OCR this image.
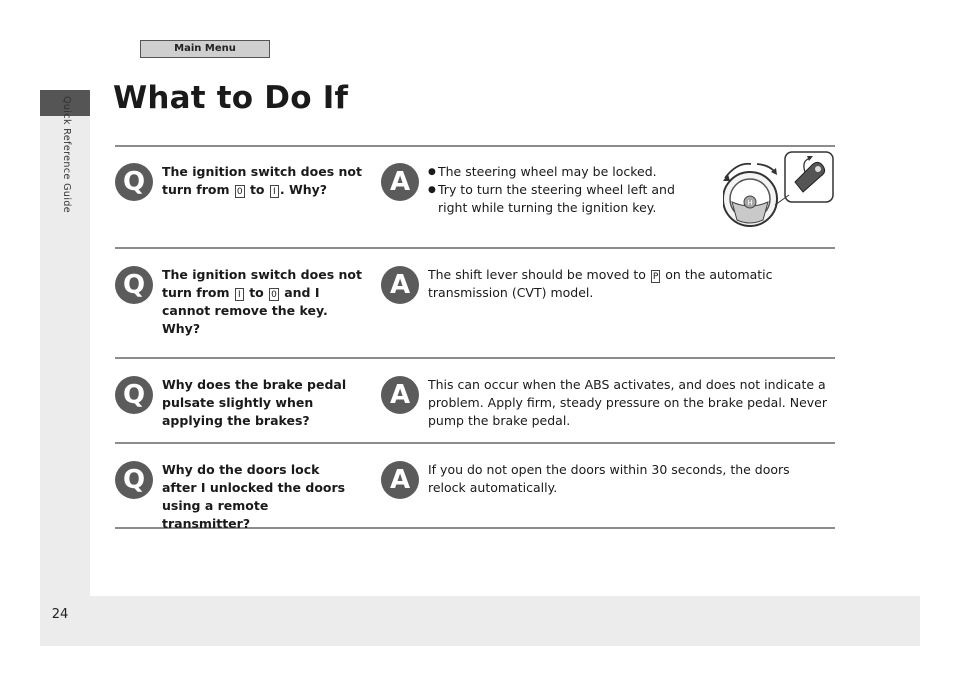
Quick Reference Guide
24
Main Menu
What to Do If
Q	The ignition switch does not turn from 0 to I . Why?	A
●	The steering wheel may be locked.
● Try to turn the steering wheel left and right while turning the ignition key.	H
Q	The ignition switch does not turn from I to 0 and I cannot remove the key. Why?
A	The shift lever should be moved to P on the automatic transmission (CVT) model.
Q	Why does the brake pedal pulsate slightly when applying the brakes?
A	This can occur when the ABS activates, and does not indicate a problem. Apply firm, steady pressure on the brake pedal. Never pump the brake pedal.
Q	Why do the doors lock after I unlocked the doors using a remote transmitter?
A	If you do not open the doors within 30 seconds, the doors relock automatically.
